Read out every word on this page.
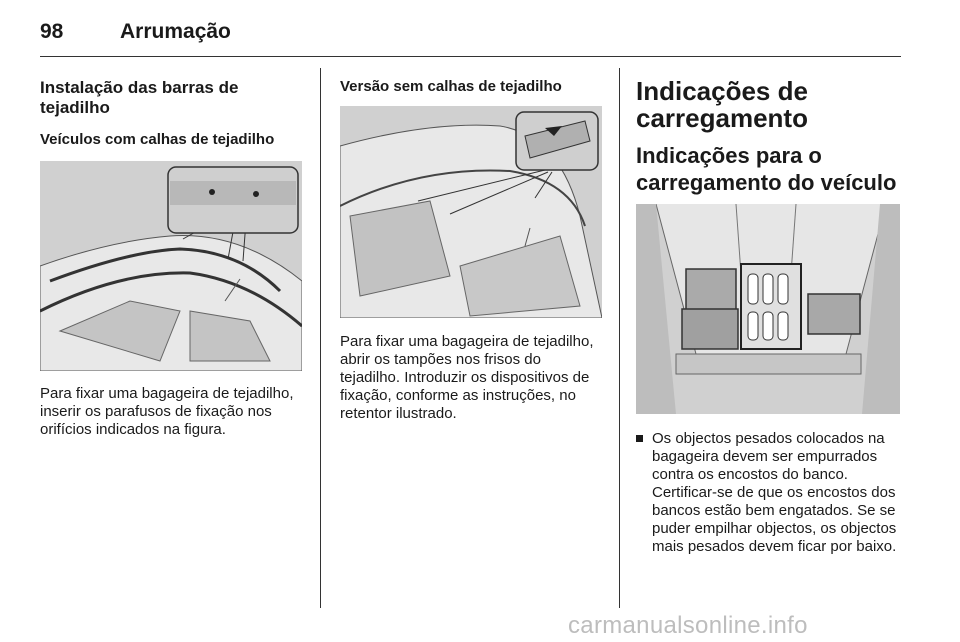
98	Arrumação
Instalação das barras de tejadilho
Veículos com calhas de tejadilho

Para fixar uma bagageira de tejadilho, inserir os parafusos de fixação nos orifícios indicados na figura.

Versão sem calhas de tejadilho

Para fixar uma bagageira de tejadilho, abrir os tampões nos frisos do tejadilho. Introduzir os dispositivos de fixação, conforme as instruções, no retentor ilustrado.

Indicações de carregamento
Indicações para o carregamento do veículo
Os objectos pesados colocados na bagageira devem ser empurrados contra os encostos do banco. Certificar-se de que os encostos dos bancos estão bem engatados. Se se puder empilhar objectos, os objectos mais pesados devem ficar por baixo.
carmanualsonline.info
